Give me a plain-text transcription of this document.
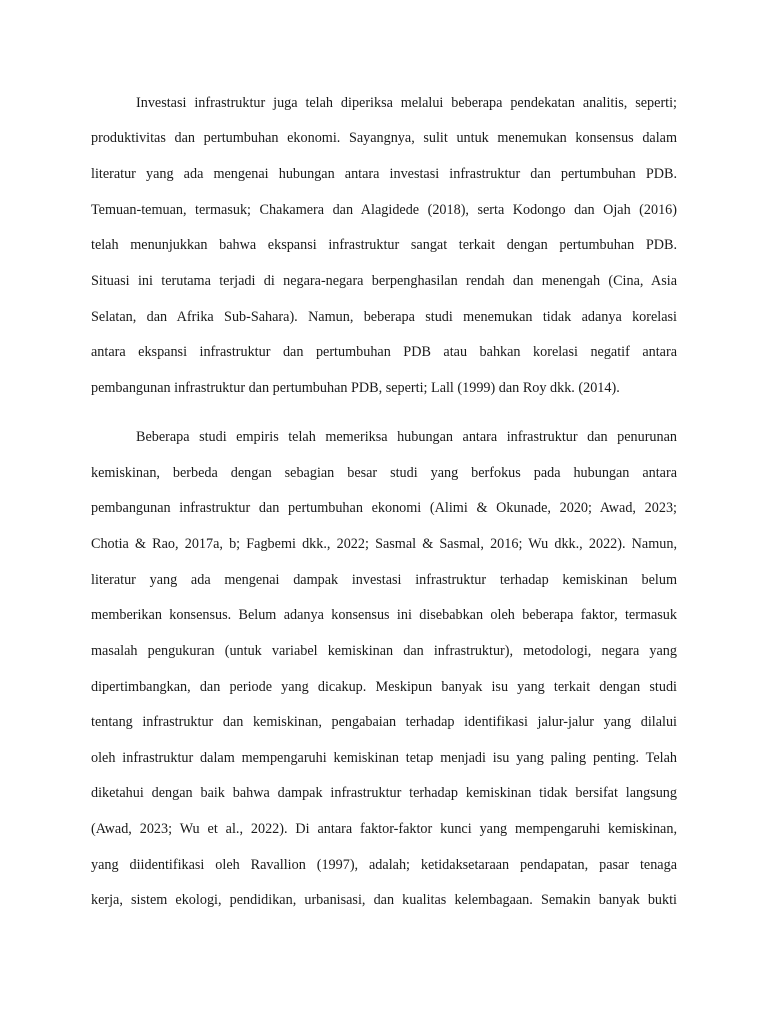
Investasi infrastruktur juga telah diperiksa melalui beberapa pendekatan analitis, seperti;
produktivitas dan pertumbuhan ekonomi. Sayangnya, sulit untuk menemukan konsensus dalam
literatur yang ada mengenai hubungan antara investasi infrastruktur dan pertumbuhan PDB.
Temuan-temuan, termasuk; Chakamera dan Alagidede (2018), serta Kodongo dan Ojah (2016)
telah menunjukkan bahwa ekspansi infrastruktur sangat terkait dengan pertumbuhan PDB.
Situasi ini terutama terjadi di negara-negara berpenghasilan rendah dan menengah (Cina, Asia
Selatan, dan Afrika Sub-Sahara). Namun, beberapa studi menemukan tidak adanya korelasi
antara ekspansi infrastruktur dan pertumbuhan PDB atau bahkan korelasi negatif antara
pembangunan infrastruktur dan pertumbuhan PDB, seperti; Lall (1999) dan Roy dkk. (2014).
Beberapa studi empiris telah memeriksa hubungan antara infrastruktur dan penurunan
kemiskinan, berbeda dengan sebagian besar studi yang berfokus pada hubungan antara
pembangunan infrastruktur dan pertumbuhan ekonomi (Alimi & Okunade, 2020; Awad, 2023;
Chotia & Rao, 2017a, b; Fagbemi dkk., 2022; Sasmal & Sasmal, 2016; Wu dkk., 2022). Namun,
literatur yang ada mengenai dampak investasi infrastruktur terhadap kemiskinan belum
memberikan konsensus. Belum adanya konsensus ini disebabkan oleh beberapa faktor, termasuk
masalah pengukuran (untuk variabel kemiskinan dan infrastruktur), metodologi, negara yang
dipertimbangkan, dan periode yang dicakup. Meskipun banyak isu yang terkait dengan studi
tentang infrastruktur dan kemiskinan, pengabaian terhadap identifikasi jalur-jalur yang dilalui
oleh infrastruktur dalam mempengaruhi kemiskinan tetap menjadi isu yang paling penting. Telah
diketahui dengan baik bahwa dampak infrastruktur terhadap kemiskinan tidak bersifat langsung
(Awad, 2023; Wu et al., 2022). Di antara faktor-faktor kunci yang mempengaruhi kemiskinan,
yang diidentifikasi oleh Ravallion (1997), adalah; ketidaksetaraan pendapatan, pasar tenaga
kerja, sistem ekologi, pendidikan, urbanisasi, dan kualitas kelembagaan. Semakin banyak bukti
